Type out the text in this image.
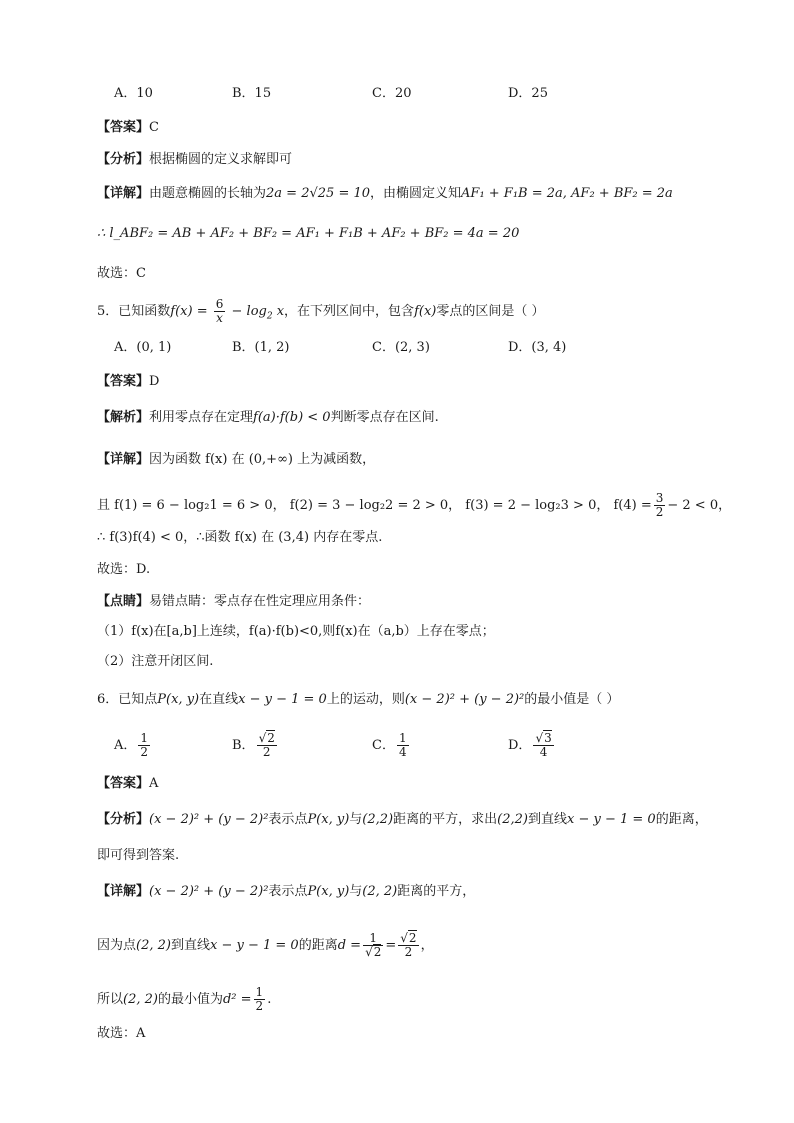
A．10	B．15	C．20	D．25
【答案】C
【分析】根据椭圆的定义求解即可
【详解】由题意椭圆的长轴为2a = 2√25 = 10，由椭圆定义知AF₁ + F₁B = 2a, AF₂ + BF₂ = 2a
∴ l_ABF₂ = AB + AF₂ + BF₂ = AF₁ + F₁B + AF₂ + BF₂ = 4a = 20
故选：C
5．已知函数$f(x) = \frac{6}{x} - \log_2 x$，在下列区间中，包含f(x)零点的区间是（ ）
A．(0, 1)	B．(1, 2)	C．(2, 3)	D．(3, 4)
【答案】D
【解析】利用零点存在定理f(a)·f(b) < 0判断零点存在区间.
【详解】因为函数 f(x) 在 (0,+∞) 上为减函数，
且 f(1) = 6 − log₂1 = 6 > 0， f(2) = 3 − log₂2 = 2 > 0， f(3) = 2 − log₂3 > 0， $f(4) = \frac{3}{2} - 2 < 0$，
∴ f(3)f(4) < 0，∴函数 f(x) 在 (3,4) 内存在零点.
故选：D.
【点睛】易错点睛：零点存在性定理应用条件：
（1）f(x)在[a,b]上连续，f(a)·f(b)<0,则f(x)在（a,b）上存在零点；
（2）注意开闭区间.
6．已知点P(x, y)在直线x − y − 1 = 0上的运动，则(x − 2)² + (y − 2)²的最小值是（ ）
A． $\frac{1}{2}$	B． $\frac{√2}{2}$	C． $\frac{1}{4}$	D． $\frac{√3}{4}$
【答案】A
【分析】(x − 2)² + (y − 2)²表示点P(x, y)与(2,2)距离的平方，求出(2,2)到直线x − y − 1 = 0的距离，
即可得到答案.
【详解】(x − 2)² + (y − 2)²表示点P(x, y)与(2, 2)距离的平方，
因为点(2, 2)到直线x − y − 1 = 0的距离$d = \frac{1}{√2} = \frac{√2}{2}$ ，
所以(2, 2)的最小值为$d^2 = \frac{1}{2}$ .
故选：A
